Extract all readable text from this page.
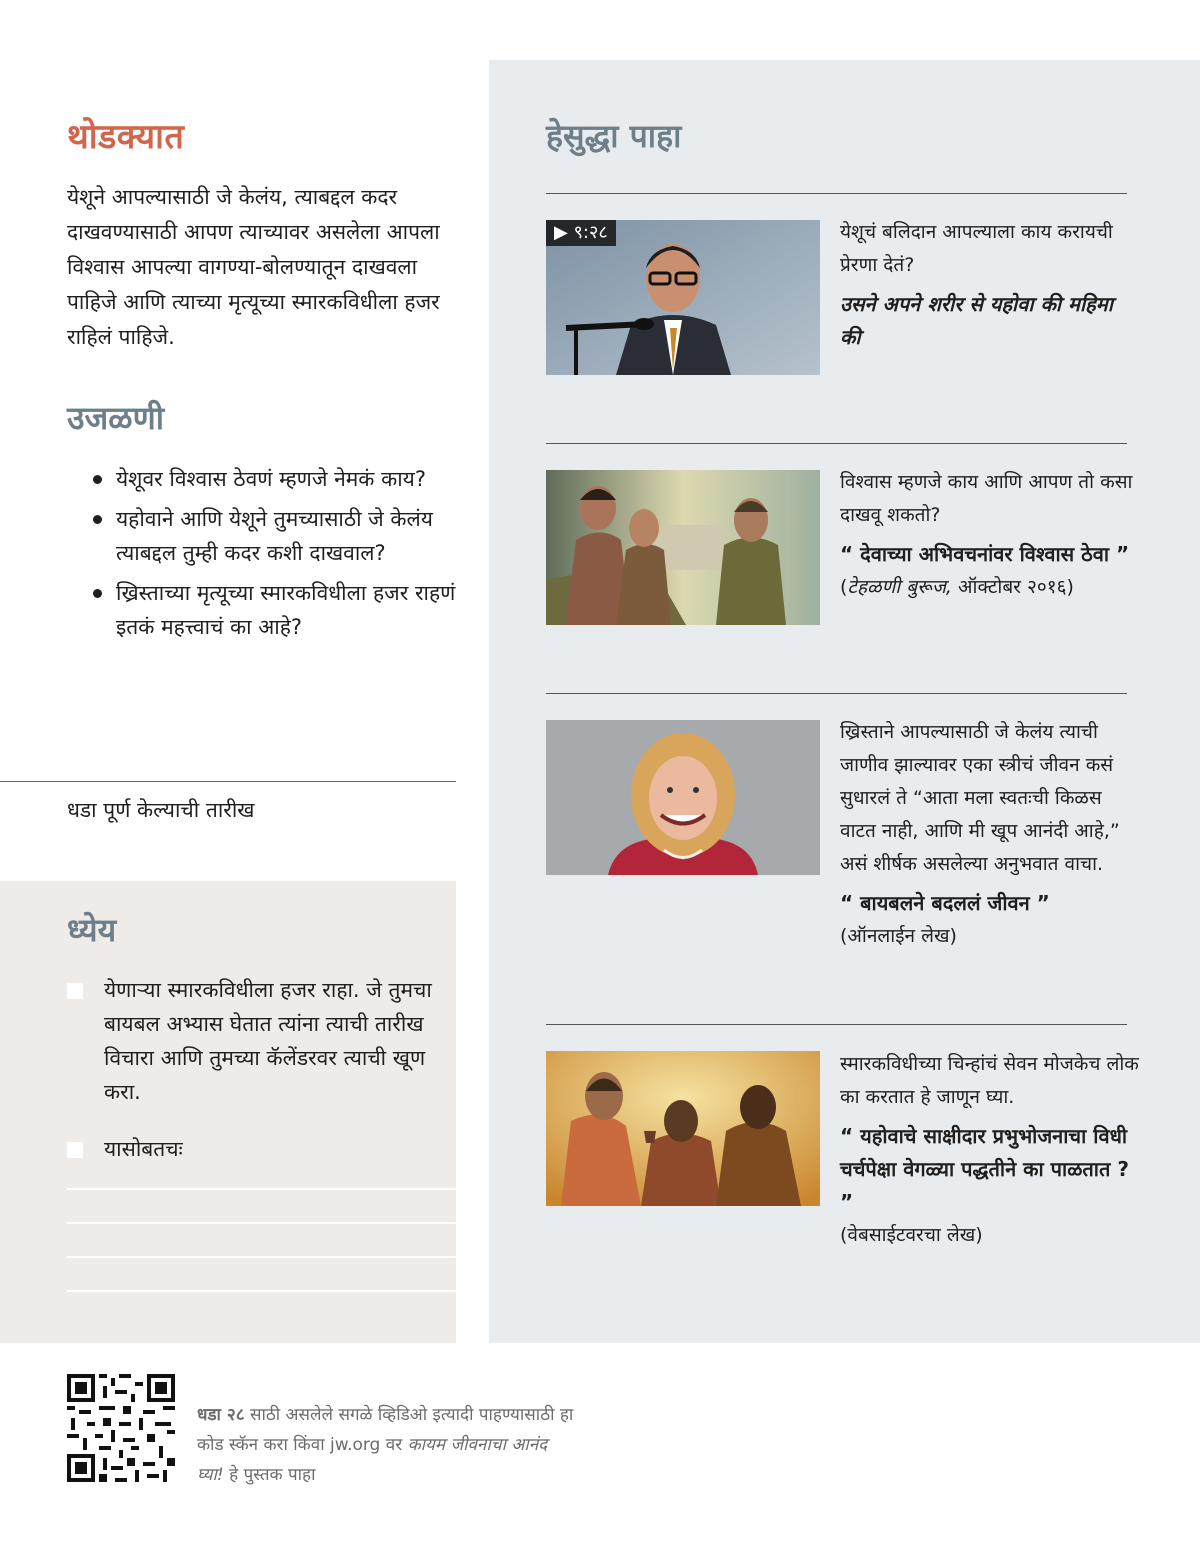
थोडक्यात

येशूने आपल्यासाठी जे केलंय, त्याबद्दल कदर दाखवण्यासाठी आपण त्याच्यावर असलेला आपला विश्वास आपल्या वागण्या-बोलण्यातून दाखवला पाहिजे आणि त्याच्या मृत्यूच्या स्मारकविधीला हजर राहिलं पाहिजे.

उजळणी
येशूवर विश्वास ठेवणं म्हणजे नेमकं काय?
यहोवाने आणि येशूने तुमच्यासाठी जे केलंय त्याबद्दल तुम्ही कदर कशी दाखवाल?
ख्रिस्ताच्या मृत्यूच्या स्मारकविधीला हजर राहणं इतकं महत्त्वाचं का आहे?

धडा पूर्ण केल्याची तारीख

ध्येय
येणाऱ्या स्मारकविधीला हजर राहा. जे तुमचा बायबल अभ्यास घेतात त्यांना त्याची तारीख विचारा आणि तुमच्या कॅलेंडरवर त्याची खूण करा.
यासोबतचः
हेसुद्धा पाहा
▶ ९:२८	येशूचं बलिदान आपल्याला काय करायची प्रेरणा देतं?
उसने अपने शरीर से यहोवा की महिमा की
विश्वास म्हणजे काय आणि आपण तो कसा दाखवू शकतो?
“ देवाच्या अभिवचनांवर विश्वास ठेवा ”
(टेहळणी बुरूज, ऑक्टोबर २०१६)
ख्रिस्ताने आपल्यासाठी जे केलंय त्याची जाणीव झाल्यावर एका स्त्रीचं जीवन कसं सुधारलं ते “आता मला स्वतःची किळस वाटत नाही, आणि मी खूप आनंदी आहे,” असं शीर्षक असलेल्या अनुभवात वाचा.
“ बायबलने बदललं जीवन ”
(ऑनलाईन लेख)
स्मारकविधीच्या चिन्हांचं सेवन मोजकेच लोक का करतात हे जाणून घ्या.
“ यहोवाचे साक्षीदार प्रभुभोजनाचा विधी चर्चपेक्षा वेगळ्या पद्धतीने का पाळतात ? ”
(वेबसाईटवरचा लेख)

धडा २८ साठी असलेले सगळे व्हिडिओ इत्यादी पाहण्यासाठी हा कोड स्कॅन करा किंवा jw.org वर कायम जीवनाचा आनंद घ्या! हे पुस्तक पाहा
